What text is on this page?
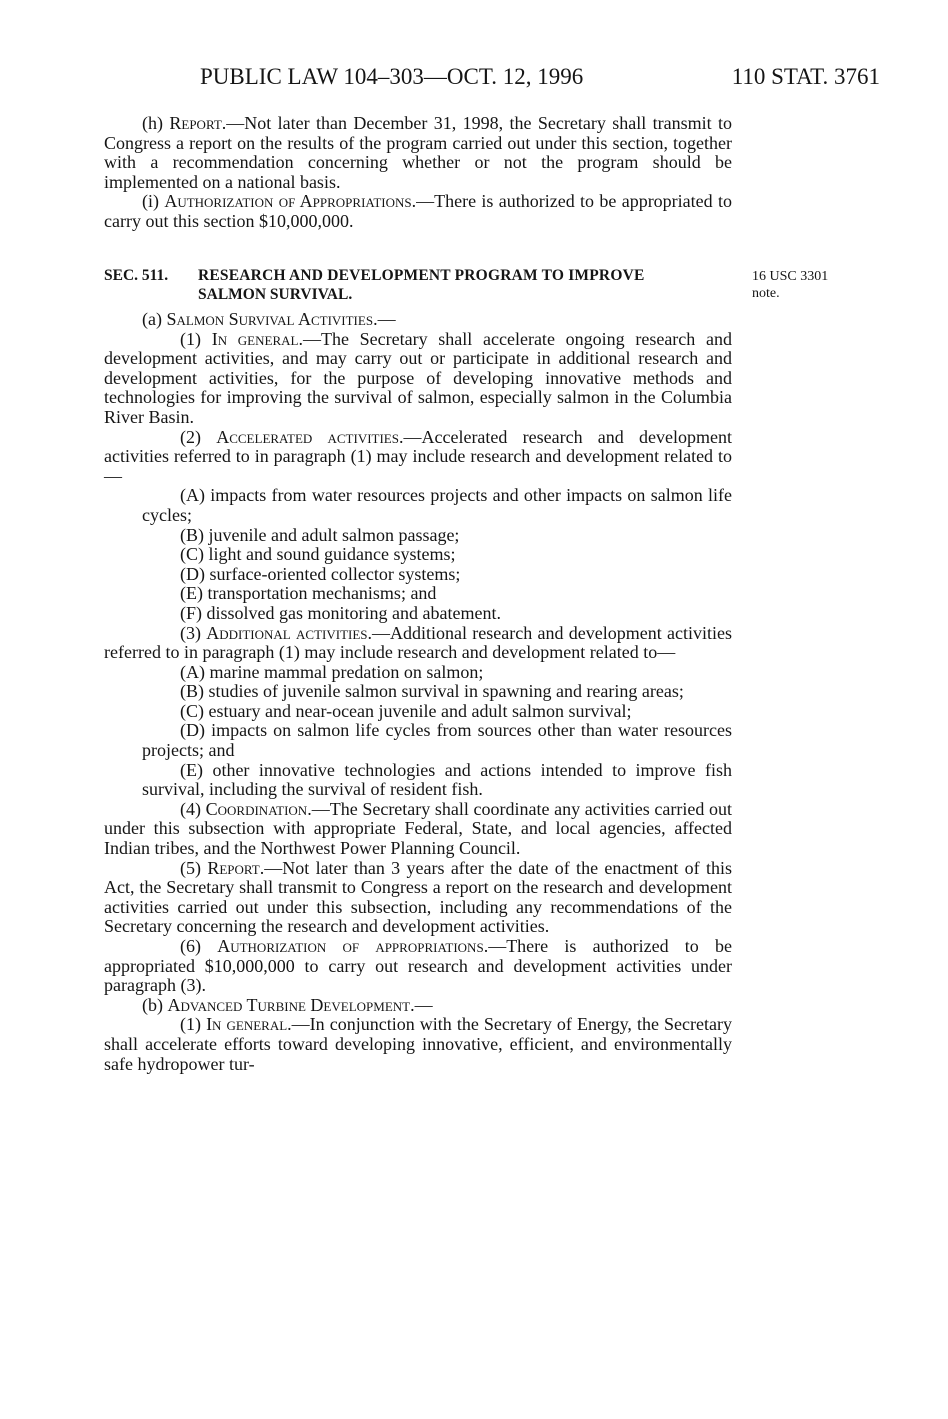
PUBLIC LAW 104–303—OCT. 12, 1996	110 STAT. 3761

(h) Report.—Not later than December 31, 1998, the Secretary shall transmit to Congress a report on the results of the program carried out under this section, together with a recommendation concerning whether or not the program should be implemented on a national basis.

(i) Authorization of Appropriations.—There is authorized to be appropriated to carry out this section $10,000,000.

SEC. 511. RESEARCH AND DEVELOPMENT PROGRAM TO IMPROVE
SALMON SURVIVAL.
16 USC 3301
note.

(a) Salmon Survival Activities.—

(1) In general.—The Secretary shall accelerate ongoing research and development activities, and may carry out or participate in additional research and development activities, for the purpose of developing innovative methods and technologies for improving the survival of salmon, especially salmon in the Columbia River Basin.

(2) Accelerated activities.—Accelerated research and development activities referred to in paragraph (1) may include research and development related to—

(A) impacts from water resources projects and other impacts on salmon life cycles;

(B) juvenile and adult salmon passage;

(C) light and sound guidance systems;

(D) surface-oriented collector systems;

(E) transportation mechanisms; and

(F) dissolved gas monitoring and abatement.

(3) Additional activities.—Additional research and development activities referred to in paragraph (1) may include research and development related to—

(A) marine mammal predation on salmon;

(B) studies of juvenile salmon survival in spawning and rearing areas;

(C) estuary and near-ocean juvenile and adult salmon survival;

(D) impacts on salmon life cycles from sources other than water resources projects; and

(E) other innovative technologies and actions intended to improve fish survival, including the survival of resident fish.

(4) Coordination.—The Secretary shall coordinate any activities carried out under this subsection with appropriate Federal, State, and local agencies, affected Indian tribes, and the Northwest Power Planning Council.

(5) Report.—Not later than 3 years after the date of the enactment of this Act, the Secretary shall transmit to Congress a report on the research and development activities carried out under this subsection, including any recommendations of the Secretary concerning the research and development activities.

(6) Authorization of appropriations.—There is authorized to be appropriated $10,000,000 to carry out research and development activities under paragraph (3).

(b) Advanced Turbine Development.—

(1) In general.—In conjunction with the Secretary of Energy, the Secretary shall accelerate efforts toward developing innovative, efficient, and environmentally safe hydropower tur-
